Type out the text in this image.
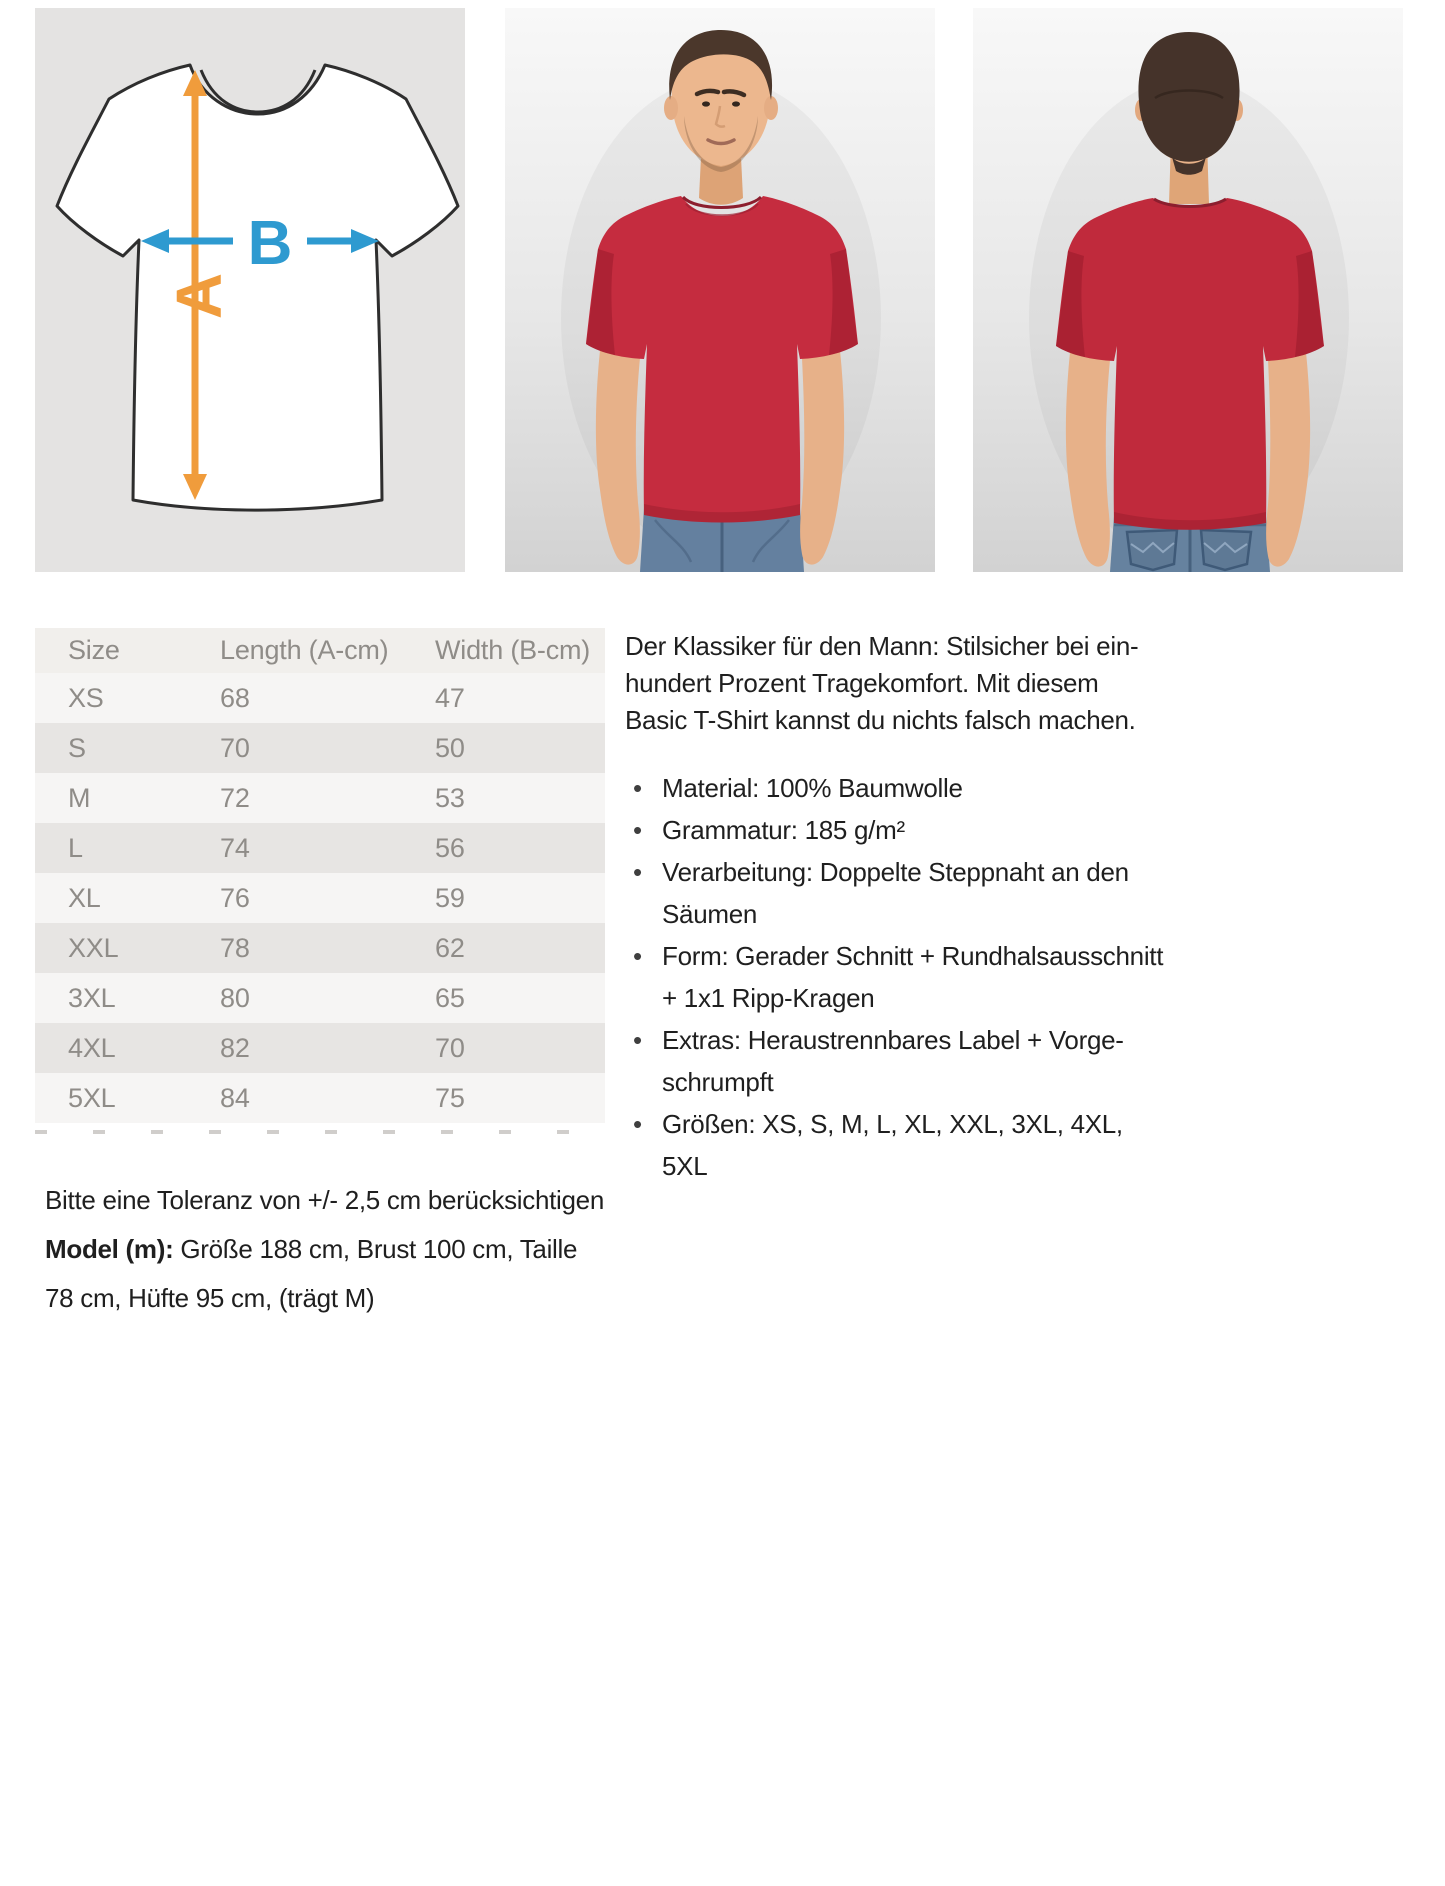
A
B
Size	Length (A-cm)	Width (B-cm)
XS	68	47
S	70	50
M	72	53
L	74	56
XL	76	59
XXL	78	62
3XL	80	65
4XL	82	70
5XL	84	75
Der Klassiker für den Mann: Stilsicher bei ein-
hundert Prozent Tragekomfort. Mit diesem
Basic T-Shirt kannst du nichts falsch machen.
• Material: 100% Baumwolle
• Grammatur: 185 g/m²
• Verarbeitung: Doppelte Steppnaht an den Säumen
• Form: Gerader Schnitt + Rundhalsausschnitt + 1x1 Ripp-Kragen
• Extras: Heraustrennbares Label + Vorge-schrumpft
• Größen: XS, S, M, L, XL, XXL, 3XL, 4XL, 5XL
Bitte eine Toleranz von +/- 2,5 cm berücksichtigen
Model (m): Größe 188 cm, Brust 100 cm, Taille 78 cm, Hüfte 95 cm, (trägt M)
